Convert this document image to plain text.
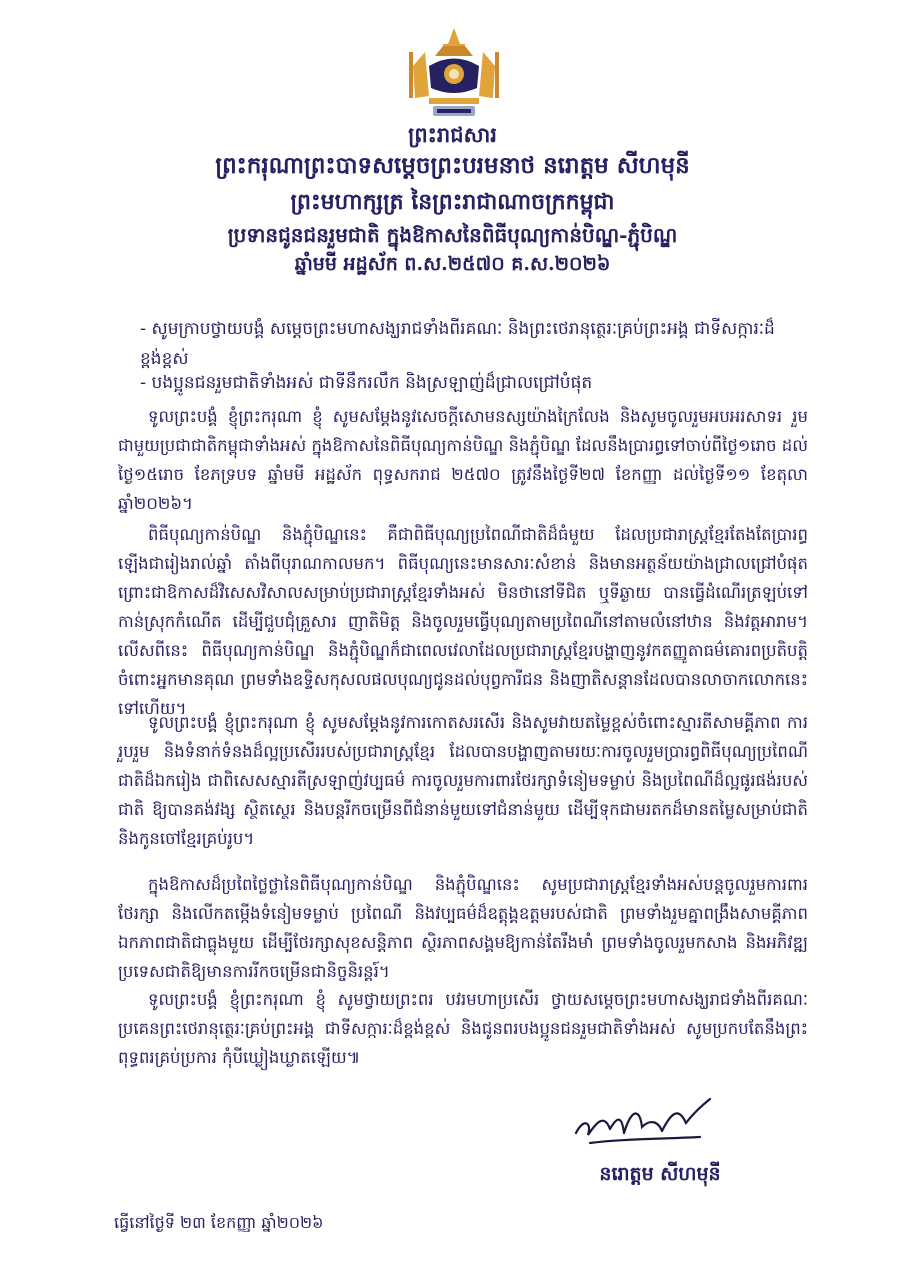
ព្រះរាជសារ
ព្រះករុណាព្រះបាទសម្ដេចព្រះបរមនាថ នរោត្តម សីហមុនី
ព្រះមហាក្សត្រ នៃព្រះរាជាណាចក្រកម្ពុជា
ប្រទានជូនជនរួមជាតិ ក្នុងឱកាសនៃពិធីបុណ្យកាន់បិណ្ឌ-ភ្ជុំបិណ្ឌ
ឆ្នាំមមី អដ្ឋស័ក ព.ស.២៥៧០ គ.ស.២០២៦
- សូមក្រាបថ្វាយបង្គំ សម្ដេចព្រះមហាសង្ឃរាជទាំងពីរគណៈ និងព្រះថេរានុត្ថេរៈគ្រប់ព្រះអង្គ ជាទីសក្ការៈដ៏ខ្ពង់ខ្ពស់
- បងប្អូនជនរួមជាតិទាំងអស់ ជាទីនឹករលឹក និងស្រឡាញ់ដ៏ជ្រាលជ្រៅបំផុត

ទូលព្រះបង្គំ ខ្ញុំព្រះករុណា ខ្ញុំ សូមសម្ដែងនូវសេចក្ដីសោមនស្សយ៉ាងក្រៃលែង និងសូមចូលរួមអបអរសាទរ រួមជាមួយប្រជាជាតិកម្ពុជាទាំងអស់ ក្នុងឱកាសនៃពិធីបុណ្យកាន់បិណ្ឌ និងភ្ជុំបិណ្ឌ ដែលនឹងប្រារព្ធទៅចាប់ពីថ្ងៃ១រោច ដល់ថ្ងៃ១៥រោច ខែភទ្របទ ឆ្នាំមមី អដ្ឋស័ក ពុទ្ធសករាជ ២៥៧០ ត្រូវនឹងថ្ងៃទី២៧ ខែកញ្ញា ដល់ថ្ងៃទី១១ ខែតុលា ឆ្នាំ២០២៦។

ពិធីបុណ្យកាន់បិណ្ឌ និងភ្ជុំបិណ្ឌនេះ គឺជាពិធីបុណ្យប្រពៃណីជាតិដ៏ធំមួយ ដែលប្រជារាស្ត្រខ្មែរតែងតែប្រារព្ធឡើងជារៀងរាល់ឆ្នាំ តាំងពីបុរាណកាលមក។ ពិធីបុណ្យនេះមានសារៈសំខាន់ និងមានអត្ថន័យយ៉ាងជ្រាលជ្រៅបំផុត ព្រោះជាឱកាសដ៏វិសេសវិសាលសម្រាប់ប្រជារាស្ត្រខ្មែរទាំងអស់ មិនថានៅទីជិត ឬទីឆ្ងាយ បានធ្វើដំណើរត្រឡប់ទៅកាន់ស្រុកកំណើត ដើម្បីជួបជុំគ្រួសារ ញាតិមិត្ត និងចូលរួមធ្វើបុណ្យតាមប្រពៃណីនៅតាមលំនៅឋាន និងវត្តអារាម។ លើសពីនេះ ពិធីបុណ្យកាន់បិណ្ឌ និងភ្ជុំបិណ្ឌក៏ជាពេលវេលាដែលប្រជារាស្ត្រខ្មែរបង្ហាញនូវកតញ្ញូតាធម៌គោរពប្រតិបត្តិចំពោះអ្នកមានគុណ ព្រមទាំងឧទ្ទិសកុសលផលបុណ្យជូនដល់បុព្វការីជន និងញាតិសន្តានដែលបានលាចាកលោកនេះទៅហើយ។

ទូលព្រះបង្គំ ខ្ញុំព្រះករុណា ខ្ញុំ សូមសម្ដែងនូវការកោតសរសើរ និងសូមវាយតម្លៃខ្ពស់ចំពោះស្មារតីសាមគ្គីភាព ការរួបរួម និងទំនាក់ទំនងដ៏ល្អប្រសើររបស់ប្រជារាស្ត្រខ្មែរ ដែលបានបង្ហាញតាមរយៈការចូលរួមប្រារព្ធពិធីបុណ្យប្រពៃណីជាតិដ៏ឯករៀង ជាពិសេសស្មារតីស្រឡាញ់វប្បធម៌ ការចូលរួមការពារថែរក្សាទំនៀមទម្លាប់ និងប្រពៃណីដ៏ល្អផូរផង់របស់ជាតិ ឱ្យបានគង់វង្ស ស្ថិតស្ថេរ និងបន្តរីកចម្រើនពីជំនាន់មួយទៅជំនាន់មួយ ដើម្បីទុកជាមរតកដ៏មានតម្លៃសម្រាប់ជាតិ និងកូនចៅខ្មែរគ្រប់រូប។

ក្នុងឱកាសដ៏ប្រពៃថ្លៃថ្លានៃពិធីបុណ្យកាន់បិណ្ឌ និងភ្ជុំបិណ្ឌនេះ សូមប្រជារាស្ត្រខ្មែរទាំងអស់បន្តចូលរួមការពារ ថែរក្សា និងលើកតម្កើងទំនៀមទម្លាប់ ប្រពៃណី និងវប្បធម៌ដ៏ឧត្តុង្គឧត្តមរបស់ជាតិ ព្រមទាំងរួមគ្នាពង្រឹងសាមគ្គីភាព ឯកភាពជាតិជាធ្លុងមួយ ដើម្បីថែរក្សាសុខសន្តិភាព ស្ថិរភាពសង្គមឱ្យកាន់តែរឹងមាំ ព្រមទាំងចូលរួមកសាង និងអភិវឌ្ឍប្រទេសជាតិឱ្យមានការរីកចម្រើនជានិច្ចនិរន្តរ៍។

ទូលព្រះបង្គំ ខ្ញុំព្រះករុណា ខ្ញុំ សូមថ្វាយព្រះពរ បវរមហាប្រសើរ ថ្វាយសម្ដេចព្រះមហាសង្ឃរាជទាំងពីរគណៈ ប្រគេនព្រះថេរានុត្ថេរៈគ្រប់ព្រះអង្គ ជាទីសក្ការៈដ៏ខ្ពង់ខ្ពស់ និងជូនពរបងប្អូនជនរួមជាតិទាំងអស់ សូមប្រកបតែនឹងព្រះពុទ្ធពរគ្រប់ប្រការ កុំបីឃ្លៀងឃ្លាតឡើយ៕

នរោត្តម សីហមុនី
ធ្វើនៅថ្ងៃទី ២៣ ខែកញ្ញា ឆ្នាំ២០២៦
